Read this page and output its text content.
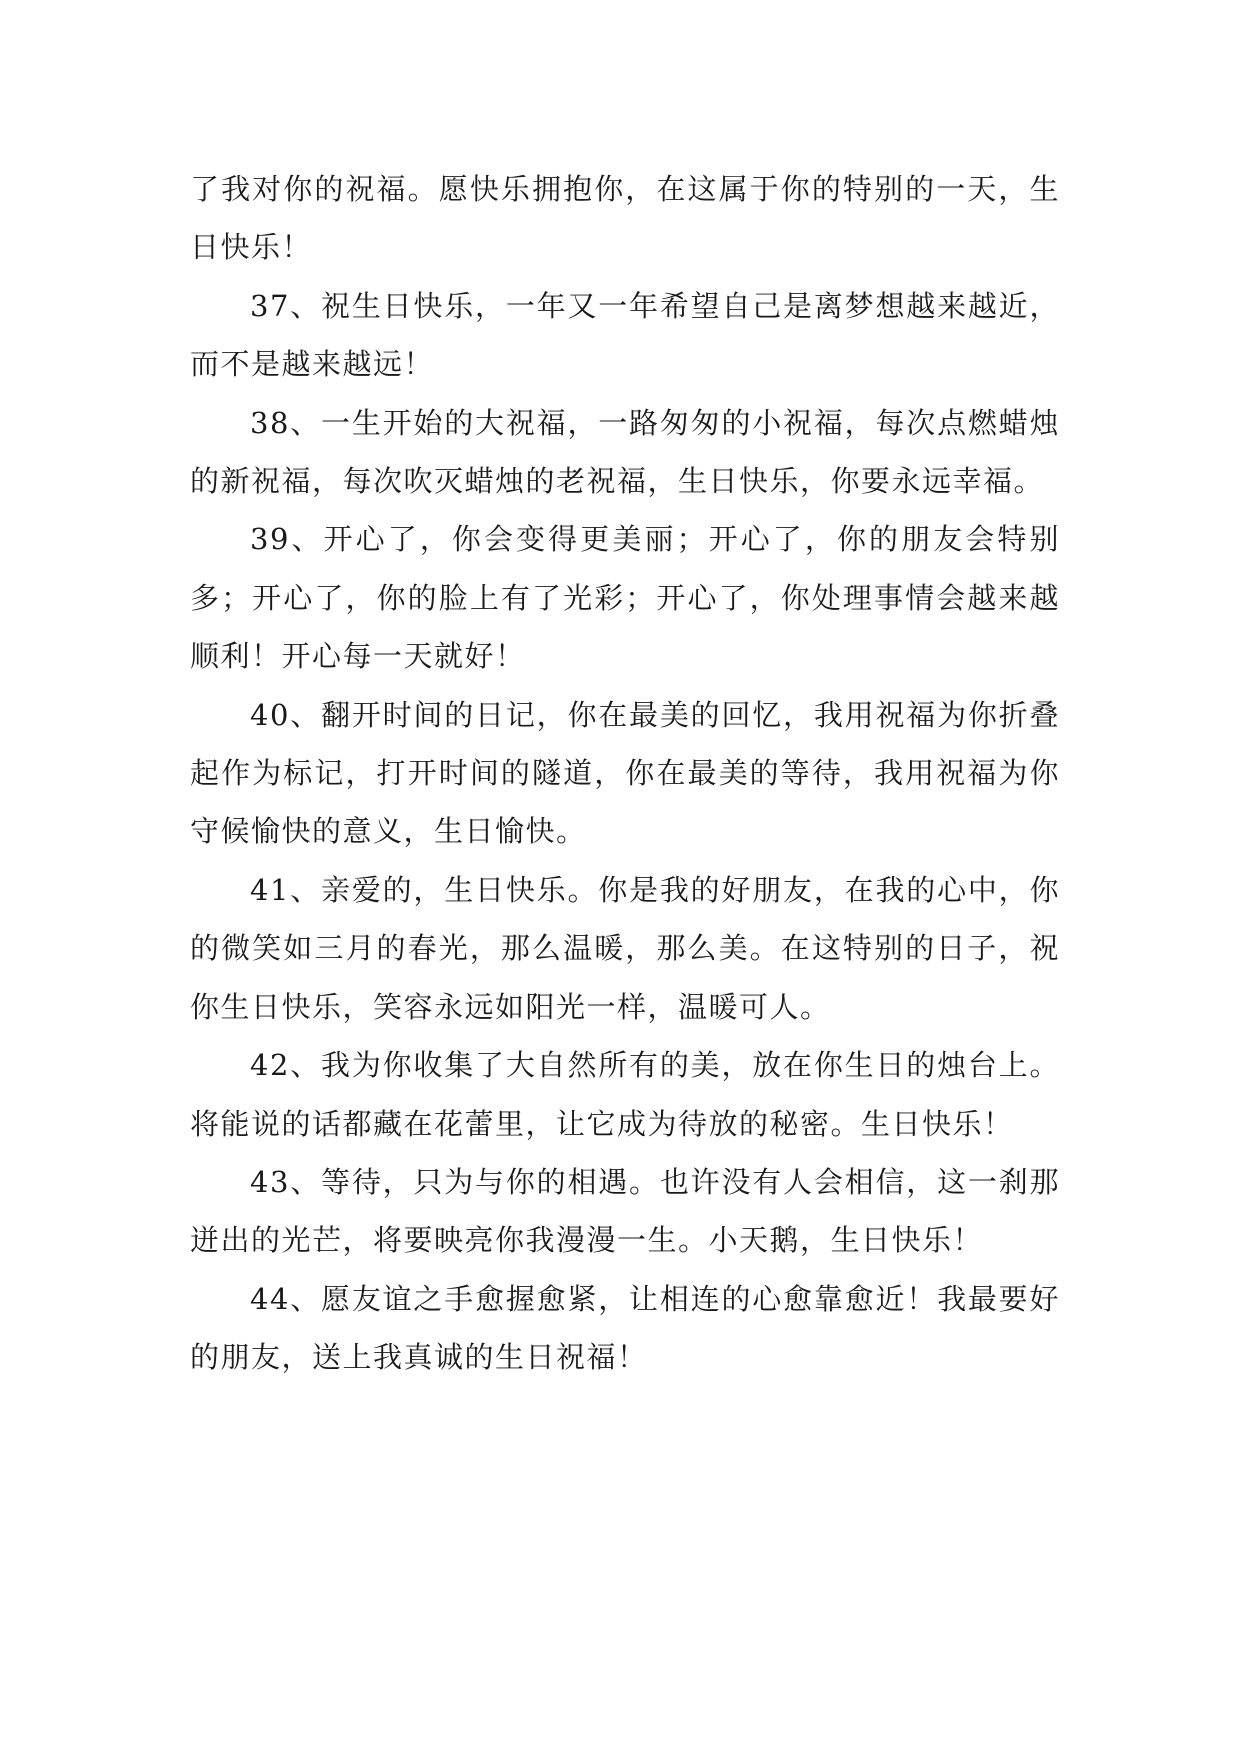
了我对你的祝福。愿快乐拥抱你，在这属于你的特别的一天，生日快乐！

37、祝生日快乐，一年又一年希望自己是离梦想越来越近，而不是越来越远！

38、一生开始的大祝福，一路匆匆的小祝福，每次点燃蜡烛的新祝福，每次吹灭蜡烛的老祝福，生日快乐，你要永远幸福。

39、开心了，你会变得更美丽；开心了，你的朋友会特别多；开心了，你的脸上有了光彩；开心了，你处理事情会越来越顺利！开心每一天就好！

40、翻开时间的日记，你在最美的回忆，我用祝福为你折叠起作为标记，打开时间的隧道，你在最美的等待，我用祝福为你守候愉快的意义，生日愉快。

41、亲爱的，生日快乐。你是我的好朋友，在我的心中，你的微笑如三月的春光，那么温暖，那么美。在这特别的日子，祝你生日快乐，笑容永远如阳光一样，温暖可人。

42、我为你收集了大自然所有的美，放在你生日的烛台上。将能说的话都藏在花蕾里，让它成为待放的秘密。生日快乐！

43、等待，只为与你的相遇。也许没有人会相信，这一刹那迸出的光芒，将要映亮你我漫漫一生。小天鹅，生日快乐！

44、愿友谊之手愈握愈紧，让相连的心愈靠愈近！我最要好的朋友，送上我真诚的生日祝福！
